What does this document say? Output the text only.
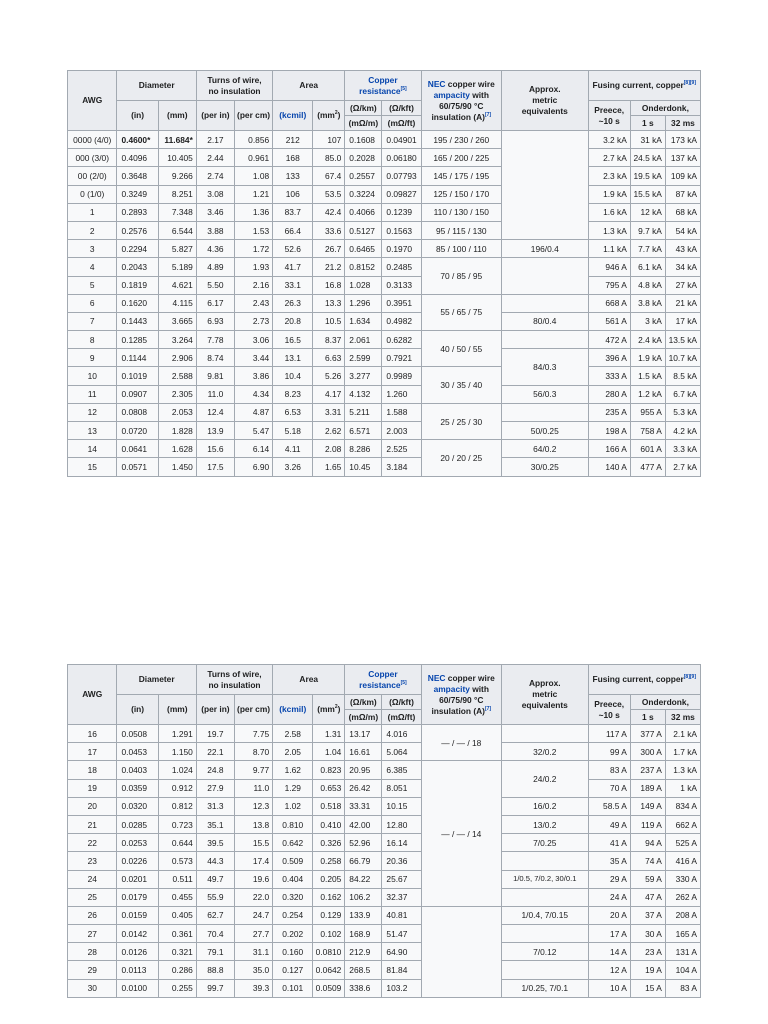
AWG	Diameter		Turns of wire,
no insulation		Area		Copper
resistance[5]		NEC copper wire
ampacity with
60/75/90 °C
insulation (A)[7]	Approx.
metric
equivalents	Fusing current, copper[8][9]
	(in)	(mm)	(per in)	(per cm)	(kcmil)	$(mm^2)$	(Ω/km)	(Ω/kft)			Preece,
~10 s	Onderdonk,	
							(mΩ/m)	(mΩ/ft)				1 s	32 ms
0000 (4/0)	0.4600*	11.684*	2.17	0.856	212	107	0.1608	0.04901	195 / 230 / 260		3.2 kA	31 kA	173 kA
000 (3/0)	0.4096	10.405	2.44	0.961	168	85.0	0.2028	0.06180	165 / 200 / 225		2.7 kA	24.5 kA	137 kA
00 (2/0)	0.3648	9.266	2.74	1.08	133	67.4	0.2557	0.07793	145 / 175 / 195		2.3 kA	19.5 kA	109 kA
0 (1/0)	0.3249	8.251	3.08	1.21	106	53.5	0.3224	0.09827	125 / 150 / 170		1.9 kA	15.5 kA	87 kA
1	0.2893	7.348	3.46	1.36	83.7	42.4	0.4066	0.1239	110 / 130 / 150		1.6 kA	12 kA	68 kA
2	0.2576	6.544	3.88	1.53	66.4	33.6	0.5127	0.1563	95 / 115 / 130		1.3 kA	9.7 kA	54 kA
3	0.2294	5.827	4.36	1.72	52.6	26.7	0.6465	0.1970	85 / 100 / 110	196/0.4	1.1 kA	7.7 kA	43 kA
4	0.2043	5.189	4.89	1.93	41.7	21.2	0.8152	0.2485	70 / 85 / 95		946 A	6.1 kA	34 kA
5	0.1819	4.621	5.50	2.16	33.1	16.8	1.028	0.3133			795 A	4.8 kA	27 kA
6	0.1620	4.115	6.17	2.43	26.3	13.3	1.296	0.3951	55 / 65 / 75		668 A	3.8 kA	21 kA
7	0.1443	3.665	6.93	2.73	20.8	10.5	1.634	0.4982		80/0.4	561 A	3 kA	17 kA
8	0.1285	3.264	7.78	3.06	16.5	8.37	2.061	0.6282	40 / 50 / 55		472 A	2.4 kA	13.5 kA
9	0.1144	2.906	8.74	3.44	13.1	6.63	2.599	0.7921		84/0.3	396 A	1.9 kA	10.7 kA
10	0.1019	2.588	9.81	3.86	10.4	5.26	3.277	0.9989	30 / 35 / 40		333 A	1.5 kA	8.5 kA
11	0.0907	2.305	11.0	4.34	8.23	4.17	4.132	1.260		56/0.3	280 A	1.2 kA	6.7 kA
12	0.0808	2.053	12.4	4.87	6.53	3.31	5.211	1.588	25 / 25 / 30		235 A	955 A	5.3 kA
13	0.0720	1.828	13.9	5.47	5.18	2.62	6.571	2.003		50/0.25	198 A	758 A	4.2 kA
14	0.0641	1.628	15.6	6.14	4.11	2.08	8.286	2.525	20 / 20 / 25	64/0.2	166 A	601 A	3.3 kA
15	0.0571	1.450	17.5	6.90	3.26	1.65	10.45	3.184		30/0.25	140 A	477 A	2.7 kA
AWG	Diameter		Turns of wire,
no insulation		Area		Copper
resistance[5]		NEC copper wire
ampacity with
60/75/90 °C
insulation (A)[7]	Approx.
metric
equivalents	Fusing current, copper[8][9]
	(in)	(mm)	(per in)	(per cm)	(kcmil)	$(mm^2)$	(Ω/km)	(Ω/kft)			Preece,
~10 s	Onderdonk,	
							(mΩ/m)	(mΩ/ft)				1 s	32 ms
16	0.0508	1.291	19.7	7.75	2.58	1.31	13.17	4.016	— / — / 18		117 A	377 A	2.1 kA
17	0.0453	1.150	22.1	8.70	2.05	1.04	16.61	5.064		32/0.2	99 A	300 A	1.7 kA
18	0.0403	1.024	24.8	9.77	1.62	0.823	20.95	6.385	— / — / 14	24/0.2	83 A	237 A	1.3 kA
19	0.0359	0.912	27.9	11.0	1.29	0.653	26.42	8.051			70 A	189 A	1 kA
20	0.0320	0.812	31.3	12.3	1.02	0.518	33.31	10.15		16/0.2	58.5 A	149 A	834 A
21	0.0285	0.723	35.1	13.8	0.810	0.410	42.00	12.80		13/0.2	49 A	119 A	662 A
22	0.0253	0.644	39.5	15.5	0.642	0.326	52.96	16.14		7/0.25	41 A	94 A	525 A
23	0.0226	0.573	44.3	17.4	0.509	0.258	66.79	20.36			35 A	74 A	416 A
24	0.0201	0.511	49.7	19.6	0.404	0.205	84.22	25.67		1/0.5, 7/0.2, 30/0.1	29 A	59 A	330 A
25	0.0179	0.455	55.9	22.0	0.320	0.162	106.2	32.37			24 A	47 A	262 A
26	0.0159	0.405	62.7	24.7	0.254	0.129	133.9	40.81		1/0.4, 7/0.15	20 A	37 A	208 A
27	0.0142	0.361	70.4	27.7	0.202	0.102	168.9	51.47			17 A	30 A	165 A
28	0.0126	0.321	79.1	31.1	0.160	0.0810	212.9	64.90		7/0.12	14 A	23 A	131 A
29	0.0113	0.286	88.8	35.0	0.127	0.0642	268.5	81.84			12 A	19 A	104 A
30	0.0100	0.255	99.7	39.3	0.101	0.0509	338.6	103.2		1/0.25, 7/0.1	10 A	15 A	83 A
